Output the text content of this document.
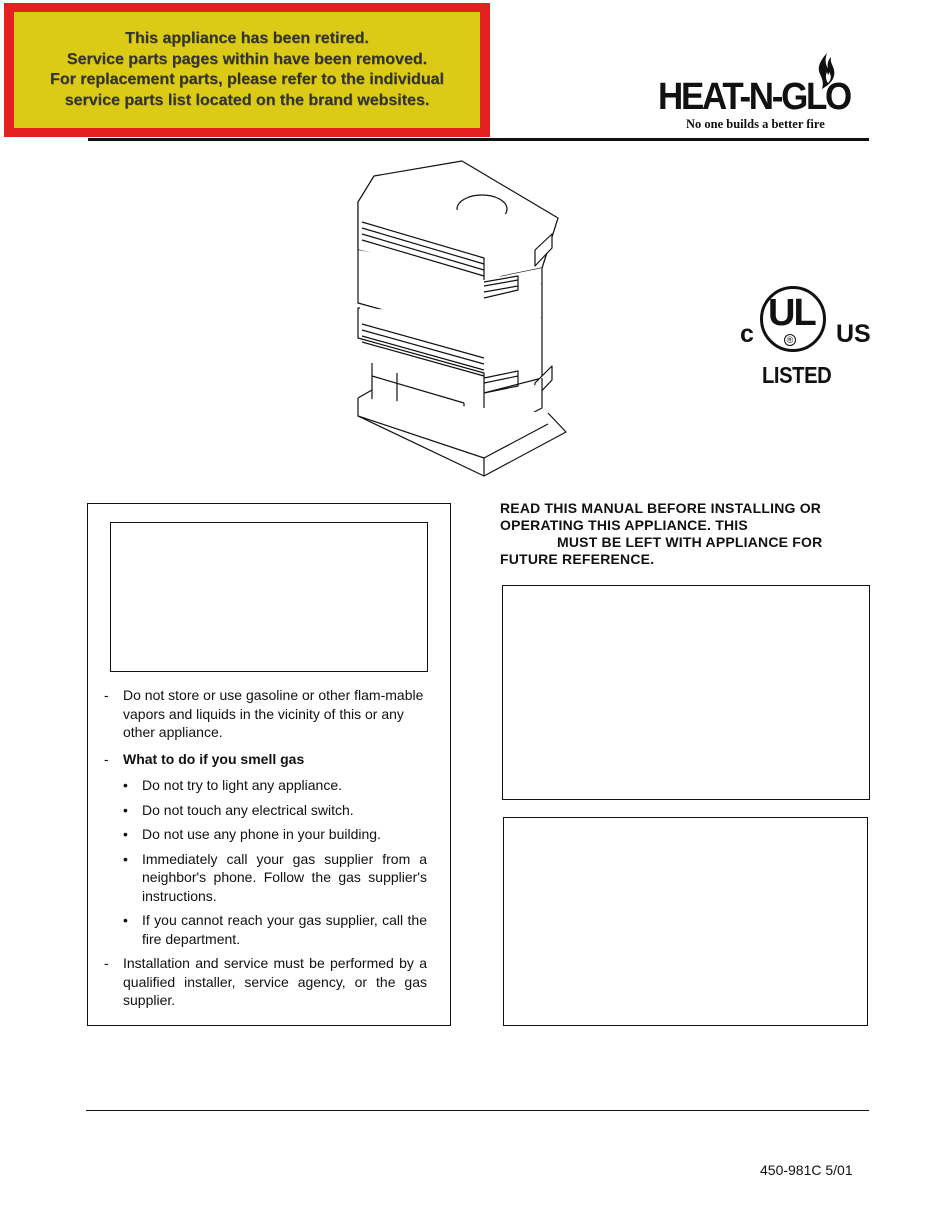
This appliance has been retired.
Service parts pages within have been removed.
For replacement parts, please refer to the individual
service parts list located on the brand websites.	HEAT-N-GLO
No one builds a better fire
c UL
® US
LISTED
- Do not store or use gasoline or other flam-mable vapors and liquids in the vicinity of this or any other appliance.
- What to do if you smell gas
• Do not try to light any appliance.
• Do not touch any electrical switch.
• Do not use any phone in your building.
• Immediately call your gas supplier from a neighbor's phone. Follow the gas supplier's instructions.
• If you cannot reach your gas supplier, call the fire department.
- Installation and service must be performed by a qualified installer, service agency, or the gas supplier.
READ THIS MANUAL BEFORE INSTALLING OR
OPERATING THIS APPLIANCE. THIS
MUST BE LEFT WITH APPLIANCE FOR
FUTURE REFERENCE.
450-981C 5/01
